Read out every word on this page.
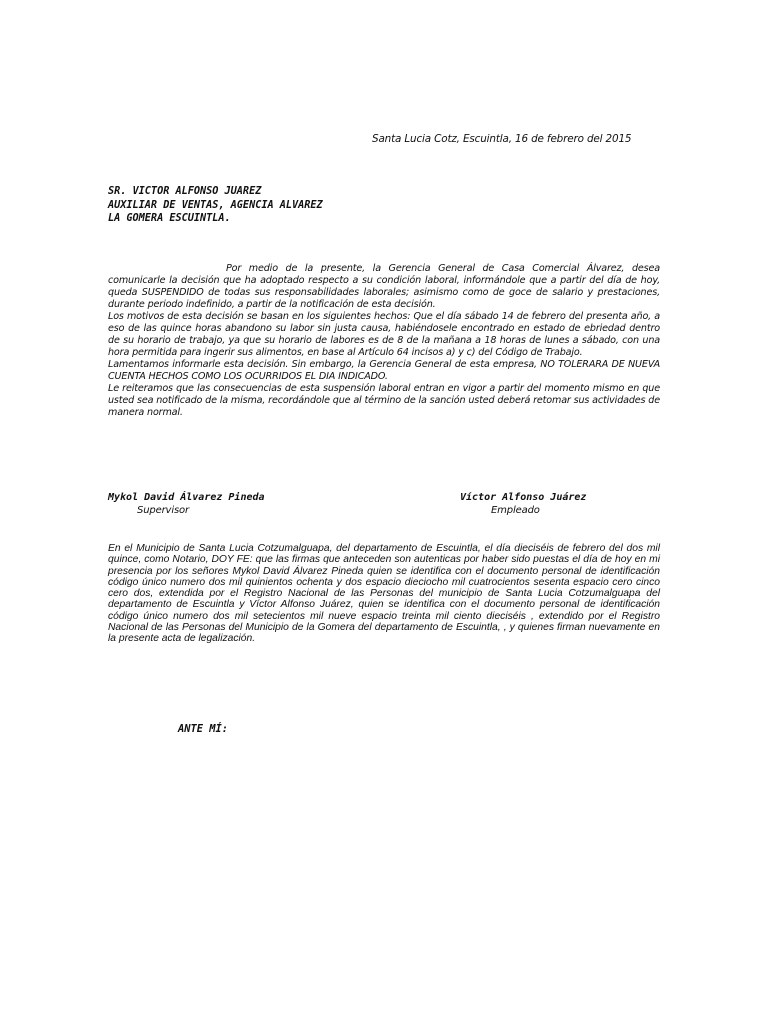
Santa Lucia Cotz, Escuintla, 16 de febrero del 2015
SR. VICTOR ALFONSO JUAREZ
AUXILIAR DE VENTAS, AGENCIA ALVAREZ
LA GOMERA ESCUINTLA.

Por medio de la presente, la Gerencia General de Casa Comercial Álvarez, desea comunicarle la decisión que ha adoptado respecto a su condición laboral, informándole que a partir del día de hoy, queda SUSPENDIDO de todas sus responsabilidades laborales; asimismo como de goce de salario y prestaciones, durante periodo indefinido, a partir de la notificación de esta decisión.

Los motivos de esta decisión se basan en los siguientes hechos: Que el día sábado 14 de febrero del presenta año, a eso de las quince horas abandono su labor sin justa causa, habiéndosele encontrado en estado de ebriedad dentro de su horario de trabajo, ya que su horario de labores es de 8 de la mañana a 18 horas de lunes a sábado, con una hora permitida para ingerir sus alimentos, en base al Artículo 64 incisos a) y c) del Código de Trabajo.

Lamentamos informarle esta decisión. Sin embargo, la Gerencia General de esta empresa, NO TOLERARA DE NUEVA CUENTA HECHOS COMO LOS OCURRIDOS EL DIA INDICADO.

Le reiteramos que las consecuencias de esta suspensión laboral entran en vigor a partir del momento mismo en que usted sea notificado de la misma, recordándole que al término de la sanción usted deberá retomar sus actividades de manera normal.

Mykol David Álvarez Pineda
Supervisor
Víctor Alfonso Juárez
Empleado

En el Municipio de Santa Lucia Cotzumalguapa, del departamento de Escuintla, el día dieciséis de febrero del dos mil quince, como Notario, DOY FE: que las firmas que anteceden son autenticas por haber sido puestas el día de hoy en mi presencia por los señores Mykol David Álvarez Pineda quien se identifica con el documento personal de identificación código único numero dos mil quinientos ochenta y dos espacio dieciocho mil cuatrocientos sesenta espacio cero cinco cero dos, extendida por el Registro Nacional de las Personas del municipio de Santa Lucia Cotzumalguapa del departamento de Escuintla y Víctor Alfonso Juárez, quien se identifica con el documento personal de identificación código único numero dos mil setecientos mil nueve espacio treinta mil ciento dieciséis , extendido por el Registro Nacional de las Personas del Municipio de la Gomera del departamento de Escuintla, , y quienes firman nuevamente en la presente acta de legalización.

ANTE MÍ:
